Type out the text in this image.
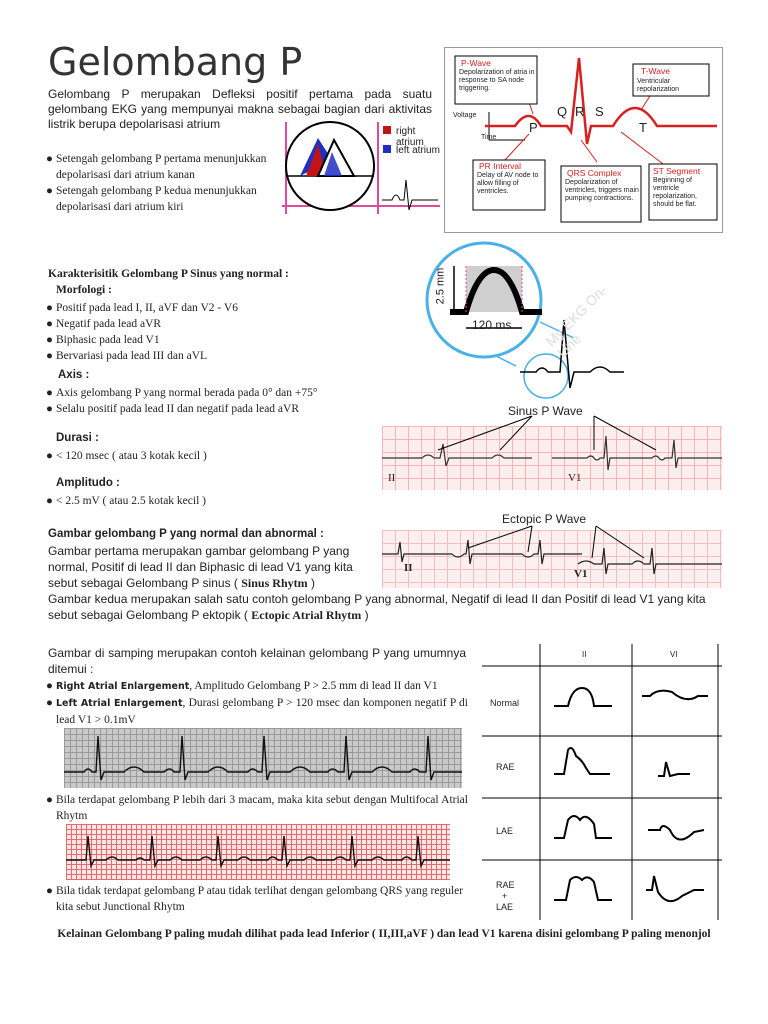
Gelombang P
Gelombang P merupakan Defleksi positif pertama pada suatu gelombang EKG yang mempunyai makna sebagai bagian dari aktivitas listrik berupa depolarisasi atrium
● Setengah gelombang P pertama menunjukkan depolarisasi dari atrium kanan
● Setengah gelombang P kedua menunjukkan depolarisasi dari atrium kiri
right atrium
left atrium
P-Wave
Depolarization of atria in response to SA node triggering.
T-Wave
Ventricular repolarization
Voltage
Time
P
Q R S
T
PR Interval
Delay of AV node to allow filling of ventricles.
QRS Complex
Depolarization of ventricles, triggers main pumping contractions.
ST Segment
Beginning of ventricle repolarization, should be flat.
Karakterisitik Gelombang P Sinus yang normal :
Morfologi :
● Positif pada lead I, II, aVF dan V2 - V6
● Negatif pada lead aVR
● Biphasic pada lead V1
● Bervariasi pada lead III dan aVL
Axis :
● Axis gelombang P yang normal berada pada 0° dan +75°
● Selalu positif pada lead II dan negatif pada lead aVR
Durasi :
● < 120 msec ( atau 3 kotak kecil )
Amplitudo :
● < 2.5 mV ( atau 2.5 kotak kecil )
2.5 mm
120 ms My EKG On-Line
Sinus P Wave
II	V1
Gambar gelombang P yang normal dan abnormal :
Gambar pertama merupakan gambar gelombang P yang normal, Positif di lead II dan Biphasic di lead V1 yang kita sebut sebagai Gelombang P sinus ( Sinus Rhytm )
Gambar kedua merupakan salah satu contoh gelombang P yang abnormal, Negatif di lead II dan Positif di lead V1 yang kita sebut sebagai Gelombang P ektopik ( Ectopic Atrial Rhytm )
Ectopic P Wave
II	V1
Gambar di samping merupakan contoh kelainan gelombang P yang umumnya ditemui :
● Right Atrial Enlargement, Amplitudo Gelombang P > 2.5 mm di lead II dan V1
● Left Atrial Enlargement, Durasi gelombang P > 120 msec dan komponen negatif P di lead V1 > 0.1mV
● Bila terdapat gelombang P lebih dari 3 macam, maka kita sebut dengan Multifocal Atrial Rhytm
● Bila tidak terdapat gelombang P atau tidak terlihat dengan gelombang QRS yang reguler kita sebut Junctional Rhytm
II	VI
Normal
RAE
LAE
RAE
+
LAE
Kelainan Gelombang P paling mudah dilihat pada lead Inferior ( II,III,aVF ) dan lead V1 karena disini gelombang P paling menonjol
